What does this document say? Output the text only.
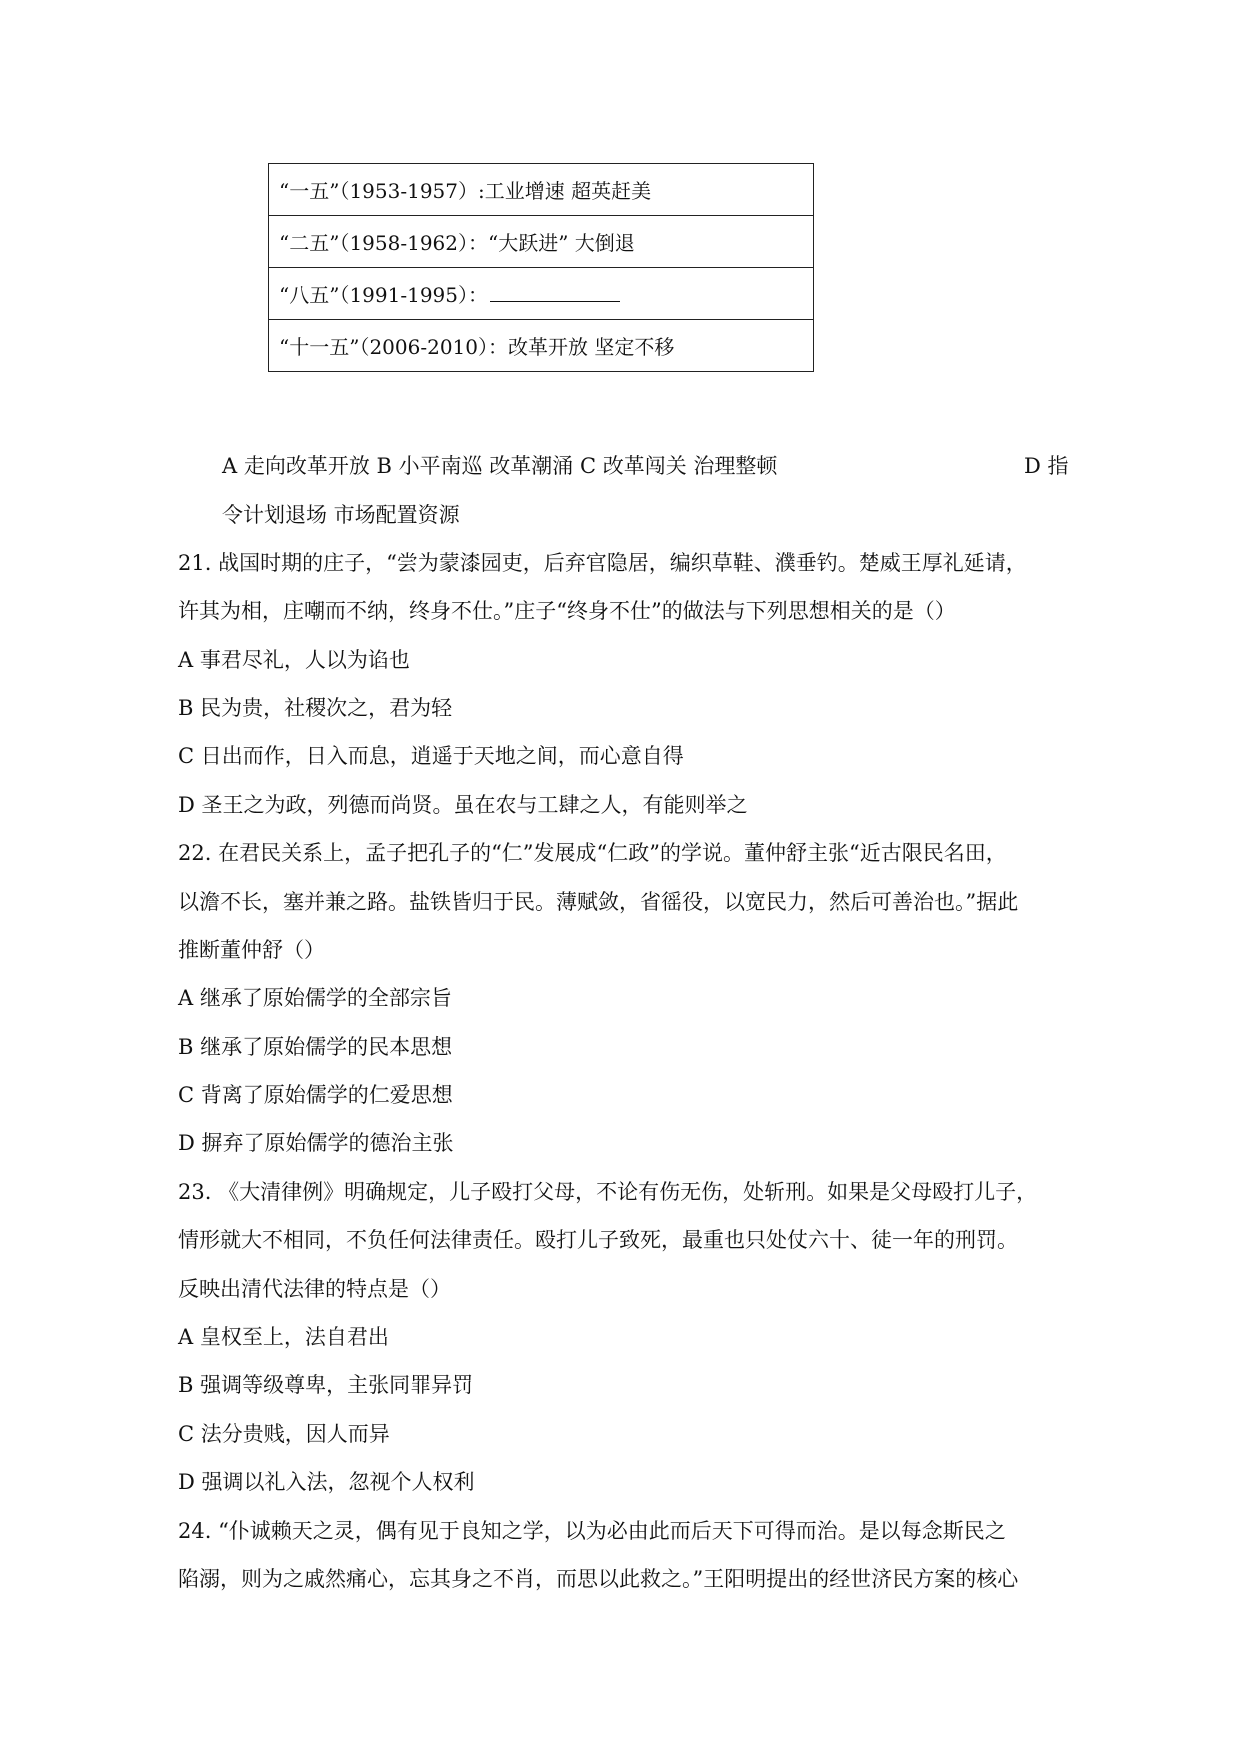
“一五”（1953-1957）:工业增速 超英赶美
“二五”（1958-1962）：“大跃进” 大倒退
“八五”（1991-1995）：
“十一五”（2006-2010）：改革开放 坚定不移
A 走向改革开放 B 小平南巡 改革潮涌 C 改革闯关 治理整顿	D 指
令计划退场 市场配置资源
21. 战国时期的庄子，“尝为蒙漆园吏，后弃官隐居，编织草鞋、濮垂钓。楚威王厚礼延请，
许其为相，庄嘲而不纳，终身不仕。”庄子“终身不仕”的做法与下列思想相关的是（）
A 事君尽礼，人以为谄也
B 民为贵，社稷次之，君为轻
C 日出而作，日入而息，逍遥于天地之间，而心意自得
D 圣王之为政，列德而尚贤。虽在农与工肆之人，有能则举之
22. 在君民关系上，孟子把孔子的“仁”发展成“仁政”的学说。董仲舒主张“近古限民名田，
以澹不长，塞并兼之路。盐铁皆归于民。薄赋敛，省徭役，以宽民力，然后可善治也。”据此
推断董仲舒（）
A 继承了原始儒学的全部宗旨
B 继承了原始儒学的民本思想
C 背离了原始儒学的仁爱思想
D 摒弃了原始儒学的德治主张
23. 《大清律例》明确规定，儿子殴打父母，不论有伤无伤，处斩刑。如果是父母殴打儿子，
情形就大不相同，不负任何法律责任。殴打儿子致死，最重也只处仗六十、徒一年的刑罚。
反映出清代法律的特点是（）
A 皇权至上，法自君出
B 强调等级尊卑，主张同罪异罚
C 法分贵贱，因人而异
D 强调以礼入法，忽视个人权利
24. “仆诚赖天之灵，偶有见于良知之学，以为必由此而后天下可得而治。是以每念斯民之
陷溺，则为之戚然痛心，忘其身之不肖，而思以此救之。”王阳明提出的经世济民方案的核心
